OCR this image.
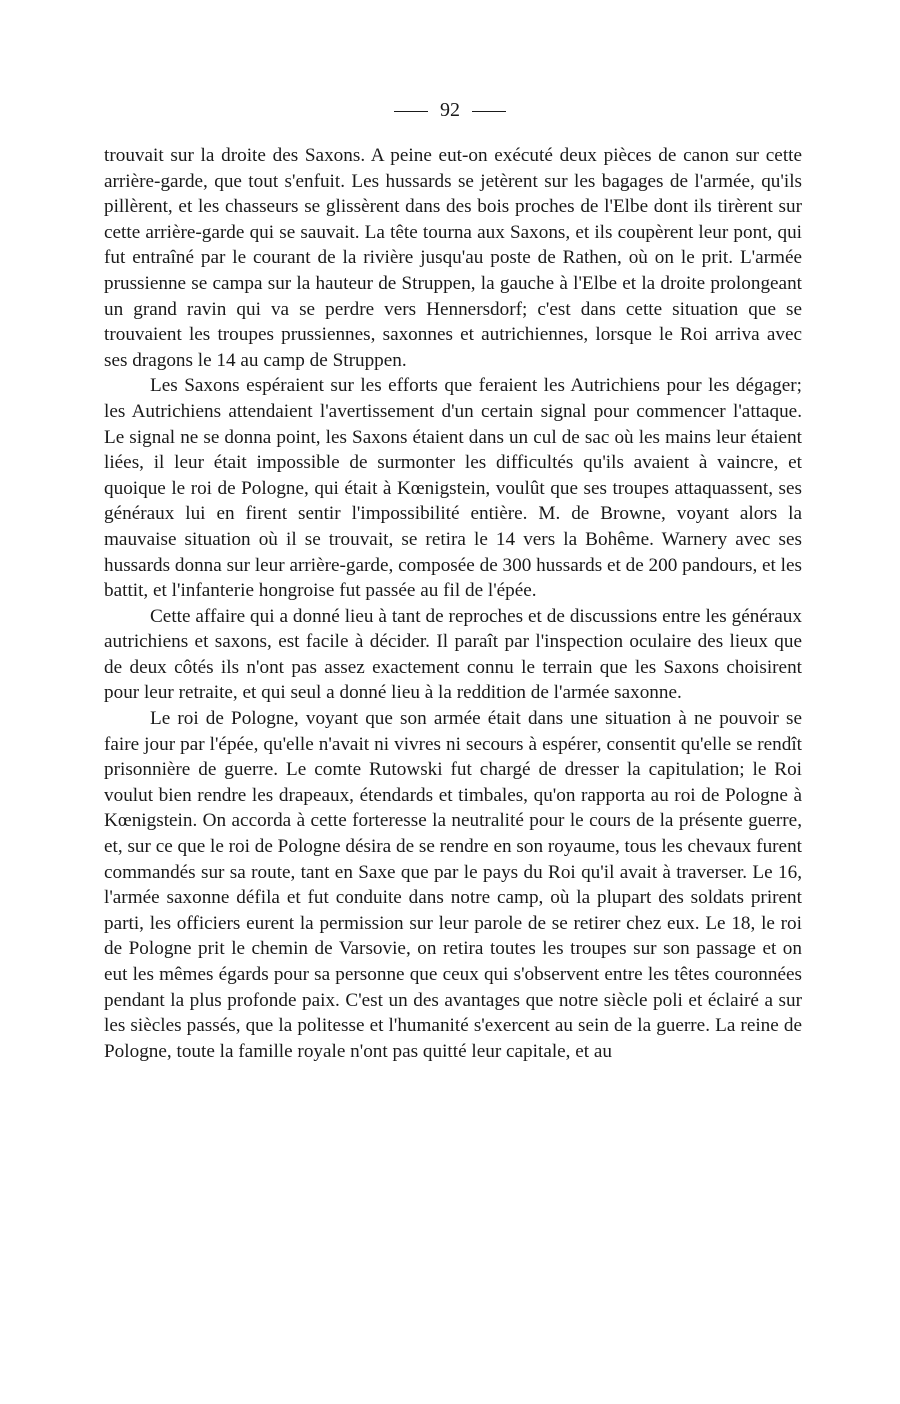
92

trouvait sur la droite des Saxons. A peine eut-on exécuté deux pièces de canon sur cette arrière-garde, que tout s'enfuit. Les hussards se jetèrent sur les bagages de l'armée, qu'ils pillèrent, et les chasseurs se glissèrent dans des bois proches de l'Elbe dont ils tirèrent sur cette arrière-garde qui se sauvait. La tête tourna aux Saxons, et ils coupèrent leur pont, qui fut entraîné par le courant de la rivière jusqu'au poste de Rathen, où on le prit. L'armée prussienne se campa sur la hauteur de Struppen, la gauche à l'Elbe et la droite prolongeant un grand ravin qui va se perdre vers Hennersdorf; c'est dans cette situation que se trouvaient les troupes prussiennes, saxonnes et autrichiennes, lorsque le Roi arriva avec ses dragons le 14 au camp de Struppen.

Les Saxons espéraient sur les efforts que feraient les Autrichiens pour les dégager; les Autrichiens attendaient l'avertissement d'un certain signal pour commencer l'attaque. Le signal ne se donna point, les Saxons étaient dans un cul de sac où les mains leur étaient liées, il leur était impossible de surmonter les difficultés qu'ils avaient à vaincre, et quoique le roi de Pologne, qui était à Kœnigstein, voulût que ses troupes attaquassent, ses généraux lui en firent sentir l'impossibilité entière. M. de Browne, voyant alors la mauvaise situation où il se trouvait, se retira le 14 vers la Bohême. Warnery avec ses hussards donna sur leur arrière-garde, composée de 300 hussards et de 200 pandours, et les battit, et l'infanterie hongroise fut passée au fil de l'épée.

Cette affaire qui a donné lieu à tant de reproches et de discussions entre les généraux autrichiens et saxons, est facile à décider. Il paraît par l'inspection oculaire des lieux que de deux côtés ils n'ont pas assez exactement connu le terrain que les Saxons choisirent pour leur retraite, et qui seul a donné lieu à la reddition de l'armée saxonne.

Le roi de Pologne, voyant que son armée était dans une situation à ne pouvoir se faire jour par l'épée, qu'elle n'avait ni vivres ni secours à espérer, consentit qu'elle se rendît prisonnière de guerre. Le comte Rutowski fut chargé de dresser la capitulation; le Roi voulut bien rendre les drapeaux, étendards et timbales, qu'on rapporta au roi de Pologne à Kœnigstein. On accorda à cette forteresse la neutralité pour le cours de la présente guerre, et, sur ce que le roi de Pologne désira de se rendre en son royaume, tous les chevaux furent commandés sur sa route, tant en Saxe que par le pays du Roi qu'il avait à traverser. Le 16, l'armée saxonne défila et fut conduite dans notre camp, où la plupart des soldats prirent parti, les officiers eurent la permission sur leur parole de se retirer chez eux. Le 18, le roi de Pologne prit le chemin de Varsovie, on retira toutes les troupes sur son passage et on eut les mêmes égards pour sa personne que ceux qui s'observent entre les têtes couronnées pendant la plus profonde paix. C'est un des avantages que notre siècle poli et éclairé a sur les siècles passés, que la politesse et l'humanité s'exercent au sein de la guerre. La reine de Pologne, toute la famille royale n'ont pas quitté leur capitale, et au
